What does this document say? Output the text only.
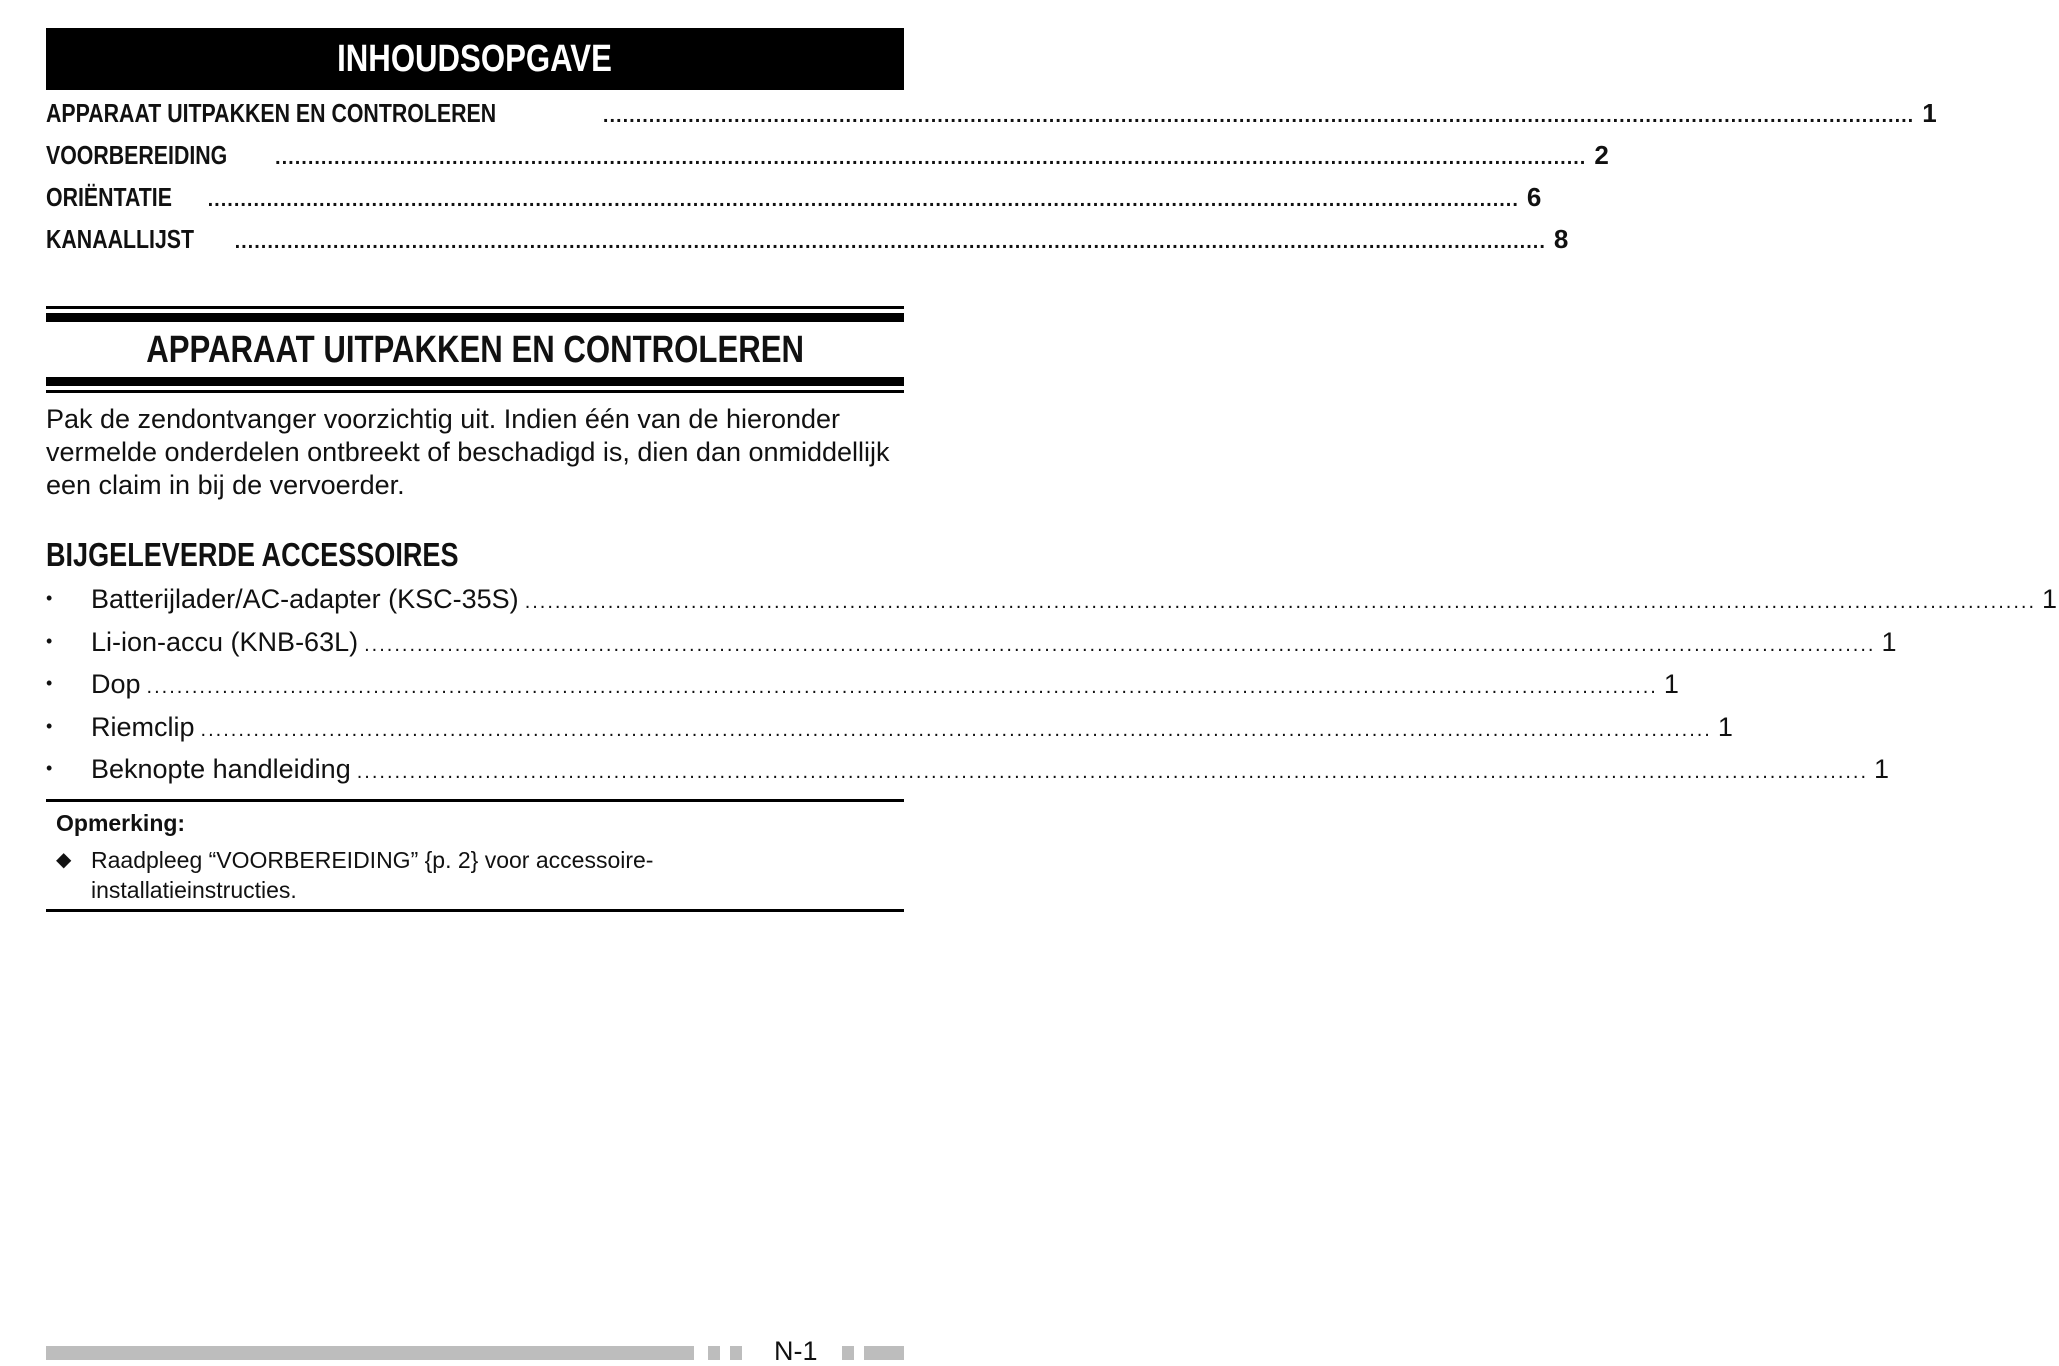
INHOUDSOPGAVE
APPARAAT UITPAKKEN EN CONTROLEREN	........................................................................................................................................................................................................ 1
VOORBEREIDING ........................................................................................................................................................................................................ 2
ORIËNTATIE ........................................................................................................................................................................................................ 6
KANAALLIJST ........................................................................................................................................................................................................ 8
APPARAAT UITPAKKEN EN CONTROLEREN

Pak de zendontvanger voorzichtig uit. Indien één van de hieronder vermelde onderdelen ontbreekt of beschadigd is, dien dan onmiddellijk een claim in bij de vervoerder.

BIJGELEVERDE ACCESSOIRES
•	Batterijlader/AC-adapter (KSC-35S) ........................................................................................................................................................................................................ 1
•	Li-ion-accu (KNB-63L) ........................................................................................................................................................................................................ 1
•	Dop ........................................................................................................................................................................................................ 1
•	Riemclip ........................................................................................................................................................................................................ 1
•	Beknopte handleiding ........................................................................................................................................................................................................ 1
Opmerking:
◆ Raadpleeg “VOORBEREIDING” {p. 2} voor accessoire-
installatieinstructies.
N-1
